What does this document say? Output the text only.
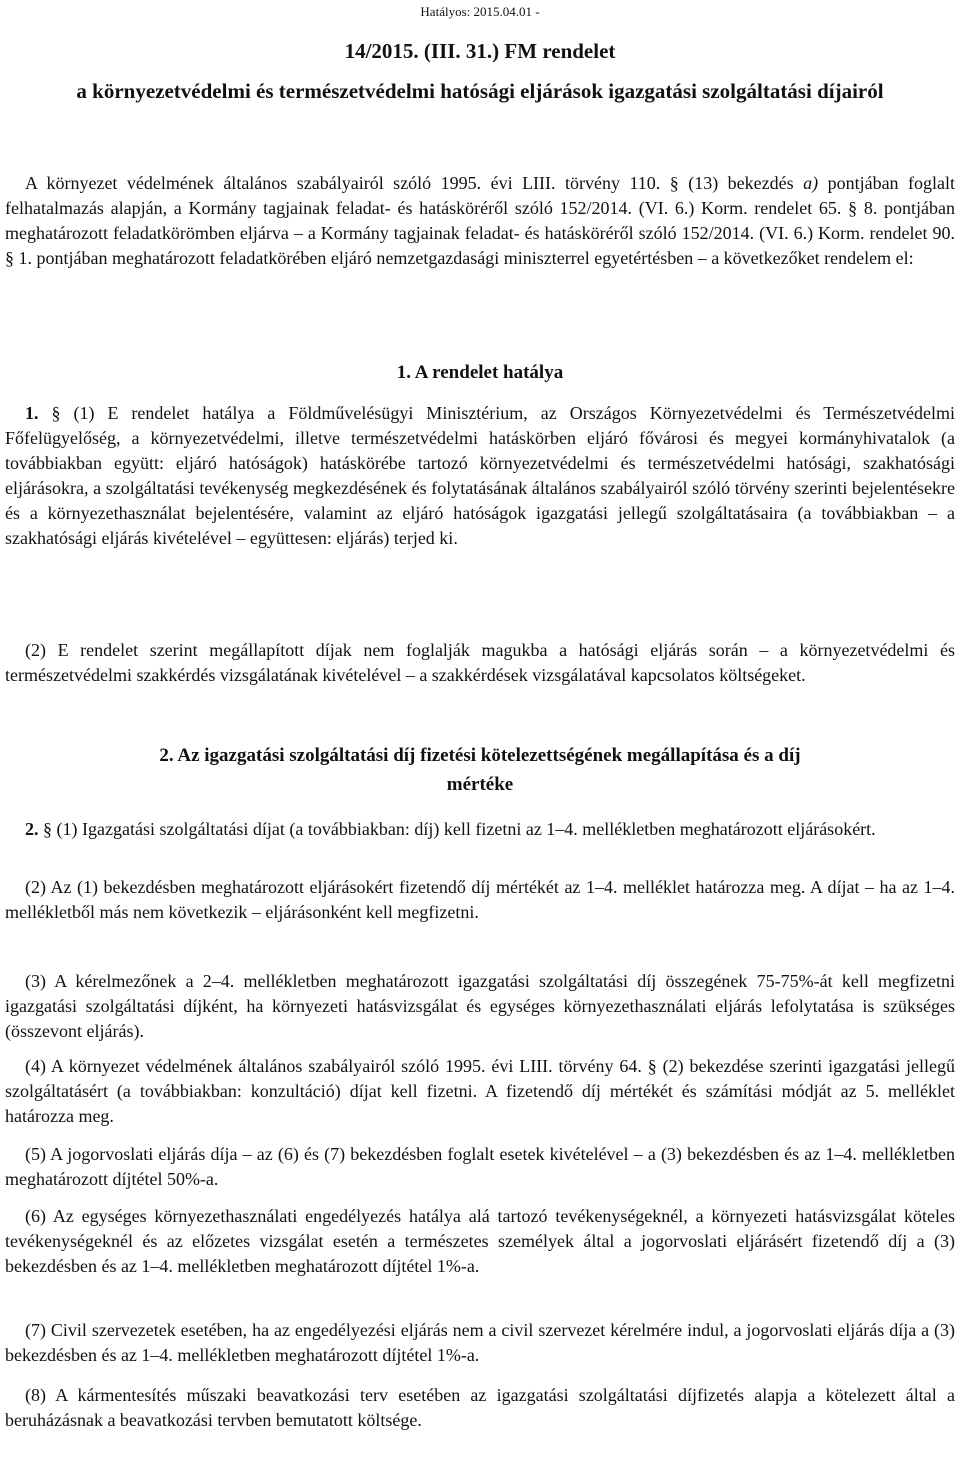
Hatályos: 2015.04.01 -
14/2015. (III. 31.) FM rendelet
a környezetvédelmi és természetvédelmi hatósági eljárások igazgatási szolgáltatási díjairól
A környezet védelmének általános szabályairól szóló 1995. évi LIII. törvény 110. § (13) bekezdés a) pontjában foglalt felhatalmazás alapján, a Kormány tagjainak feladat- és hatásköréről szóló 152/2014. (VI. 6.) Korm. rendelet 65. § 8. pontjában meghatározott feladatkörömben eljárva – a Kormány tagjainak feladat- és hatásköréről szóló 152/2014. (VI. 6.) Korm. rendelet 90. § 1. pontjában meghatározott feladatkörében eljáró nemzetgazdasági miniszterrel egyetértésben – a következőket rendelem el:
1. A rendelet hatálya
1. § (1) E rendelet hatálya a Földművelésügyi Minisztérium, az Országos Környezetvédelmi és Természetvédelmi Főfelügyelőség, a környezetvédelmi, illetve természetvédelmi hatáskörben eljáró fővárosi és megyei kormányhivatalok (a továbbiakban együtt: eljáró hatóságok) hatáskörébe tartozó környezetvédelmi és természetvédelmi hatósági, szakhatósági eljárásokra, a szolgáltatási tevékenység megkezdésének és folytatásának általános szabályairól szóló törvény szerinti bejelentésekre és a környezethasználat bejelentésére, valamint az eljáró hatóságok igazgatási jellegű szolgáltatásaira (a továbbiakban – a szakhatósági eljárás kivételével – együttesen: eljárás) terjed ki.
(2) E rendelet szerint megállapított díjak nem foglalják magukba a hatósági eljárás során – a környezetvédelmi és természetvédelmi szakkérdés vizsgálatának kivételével – a szakkérdések vizsgálatával kapcsolatos költségeket.
2. Az igazgatási szolgáltatási díj fizetési kötelezettségének megállapítása és a díj
mértéke
2. § (1) Igazgatási szolgáltatási díjat (a továbbiakban: díj) kell fizetni az 1–4. mellékletben meghatározott eljárásokért.
(2) Az (1) bekezdésben meghatározott eljárásokért fizetendő díj mértékét az 1–4. melléklet határozza meg. A díjat – ha az 1–4. mellékletből más nem következik – eljárásonként kell megfizetni.
(3) A kérelmezőnek a 2–4. mellékletben meghatározott igazgatási szolgáltatási díj összegének 75-75%-át kell megfizetni igazgatási szolgáltatási díjként, ha környezeti hatásvizsgálat és egységes környezethasználati eljárás lefolytatása is szükséges (összevont eljárás).
(4) A környezet védelmének általános szabályairól szóló 1995. évi LIII. törvény 64. § (2) bekezdése szerinti igazgatási jellegű szolgáltatásért (a továbbiakban: konzultáció) díjat kell fizetni. A fizetendő díj mértékét és számítási módját az 5. melléklet határozza meg.
(5) A jogorvoslati eljárás díja – az (6) és (7) bekezdésben foglalt esetek kivételével – a (3) bekezdésben és az 1–4. mellékletben meghatározott díjtétel 50%-a.
(6) Az egységes környezethasználati engedélyezés hatálya alá tartozó tevékenységeknél, a környezeti hatásvizsgálat köteles tevékenységeknél és az előzetes vizsgálat esetén a természetes személyek által a jogorvoslati eljárásért fizetendő díj a (3) bekezdésben és az 1–4. mellékletben meghatározott díjtétel 1%-a.
(7) Civil szervezetek esetében, ha az engedélyezési eljárás nem a civil szervezet kérelmére indul, a jogorvoslati eljárás díja a (3) bekezdésben és az 1–4. mellékletben meghatározott díjtétel 1%-a.
(8) A kármentesítés műszaki beavatkozási terv esetében az igazgatási szolgáltatási díjfizetés alapja a kötelezett által a beruházásnak a beavatkozási tervben bemutatott költsége.
